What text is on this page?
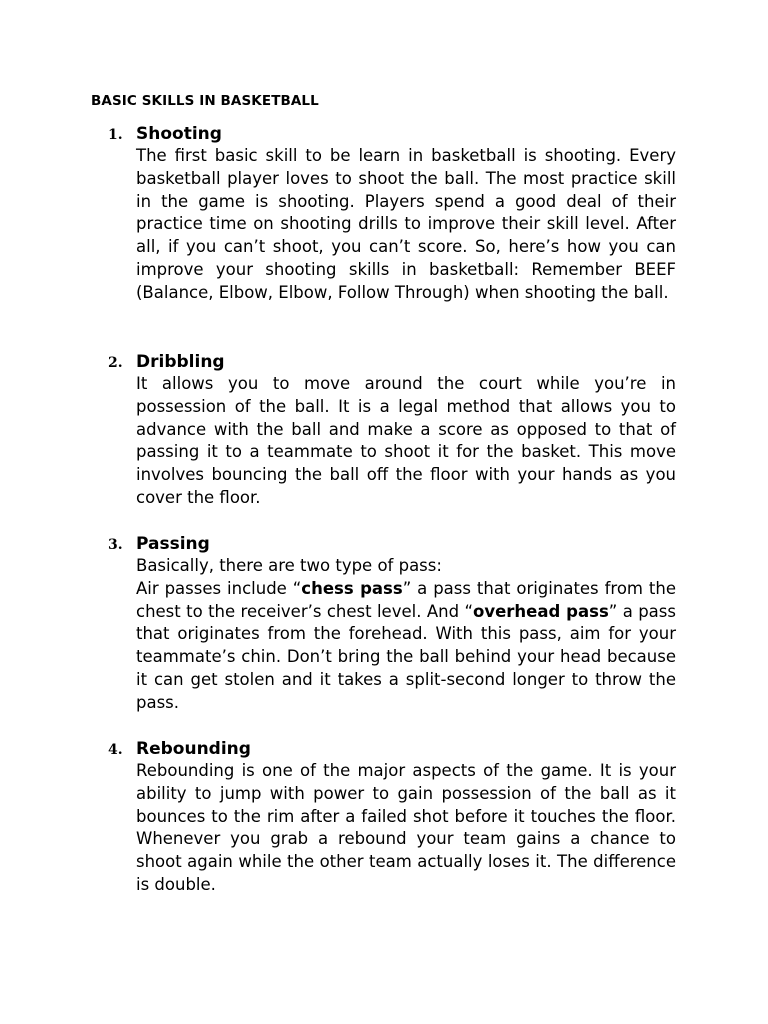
BASIC SKILLS IN BASKETBALL
1. Shooting

The first basic skill to be learn in basketball is shooting. Every basketball player loves to shoot the ball. The most practice skill in the game is shooting. Players spend a good deal of their practice time on shooting drills to improve their skill level. After all, if you can’t shoot, you can’t score. So, here’s how you can improve your shooting skills in basketball: Remember BEEF (Balance, Elbow, Elbow, Follow Through) when shooting the ball.

2. Dribbling

It allows you to move around the court while you’re in possession of the ball. It is a legal method that allows you to advance with the ball and make a score as opposed to that of passing it to a teammate to shoot it for the basket. This move involves bouncing the ball off the floor with your hands as you cover the floor.

3. Passing
Basically, there are two type of pass:
Air passes include “chess pass” a pass that originates from the chest to the receiver’s chest level. And “overhead pass” a pass that originates from the forehead. With this pass, aim for your teammate’s chin. Don’t bring the ball behind your head because it can get stolen and it takes a split-second longer to throw the pass.
4. Rebounding

Rebounding is one of the major aspects of the game. It is your ability to jump with power to gain possession of the ball as it bounces to the rim after a failed shot before it touches the floor. Whenever you grab a rebound your team gains a chance to shoot again while the other team actually loses it. The difference is double.
